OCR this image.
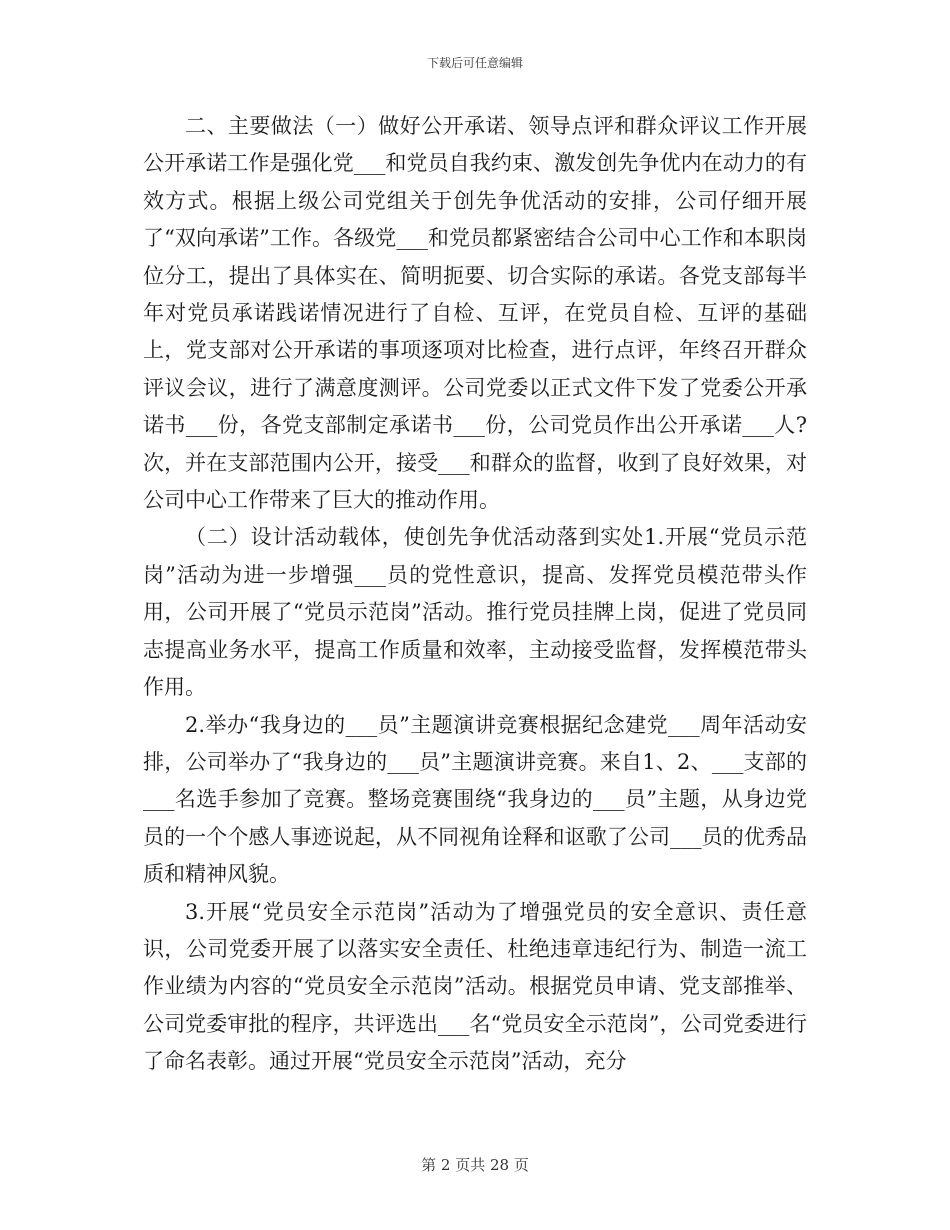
下载后可任意编辑

二、主要做法（一）做好公开承诺、领导点评和群众评议工作开展公开承诺工作是强化党___和党员自我约束、激发创先争优内在动力的有效方式。根据上级公司党组关于创先争优活动的安排，公司仔细开展了“双向承诺”工作。各级党___和党员都紧密结合公司中心工作和本职岗位分工，提出了具体实在、简明扼要、切合实际的承诺。各党支部每半年对党员承诺践诺情况进行了自检、互评，在党员自检、互评的基础上，党支部对公开承诺的事项逐项对比检查，进行点评，年终召开群众评议会议，进行了满意度测评。公司党委以正式文件下发了党委公开承诺书___份，各党支部制定承诺书___份，公司党员作出公开承诺___人?次，并在支部范围内公开，接受___和群众的监督，收到了良好效果，对公司中心工作带来了巨大的推动作用。

（二）设计活动载体，使创先争优活动落到实处1.开展“党员示范岗”活动为进一步增强___员的党性意识，提高、发挥党员模范带头作用，公司开展了“党员示范岗”活动。推行党员挂牌上岗，促进了党员同志提高业务水平，提高工作质量和效率，主动接受监督，发挥模范带头作用。

2.举办“我身边的___员”主题演讲竞赛根据纪念建党___周年活动安排，公司举办了“我身边的___员”主题演讲竞赛。来自1、2、___支部的___名选手参加了竞赛。整场竞赛围绕“我身边的___员”主题，从身边党员的一个个感人事迹说起，从不同视角诠释和讴歌了公司___员的优秀品质和精神风貌。

3.开展“党员安全示范岗”活动为了增强党员的安全意识、责任意识，公司党委开展了以落实安全责任、杜绝违章违纪行为、制造一流工作业绩为内容的“党员安全示范岗”活动。根据党员申请、党支部推举、公司党委审批的程序，共评选出___名“党员安全示范岗”，公司党委进行了命名表彰。通过开展“党员安全示范岗”活动，充分

第 2 页共 28 页
